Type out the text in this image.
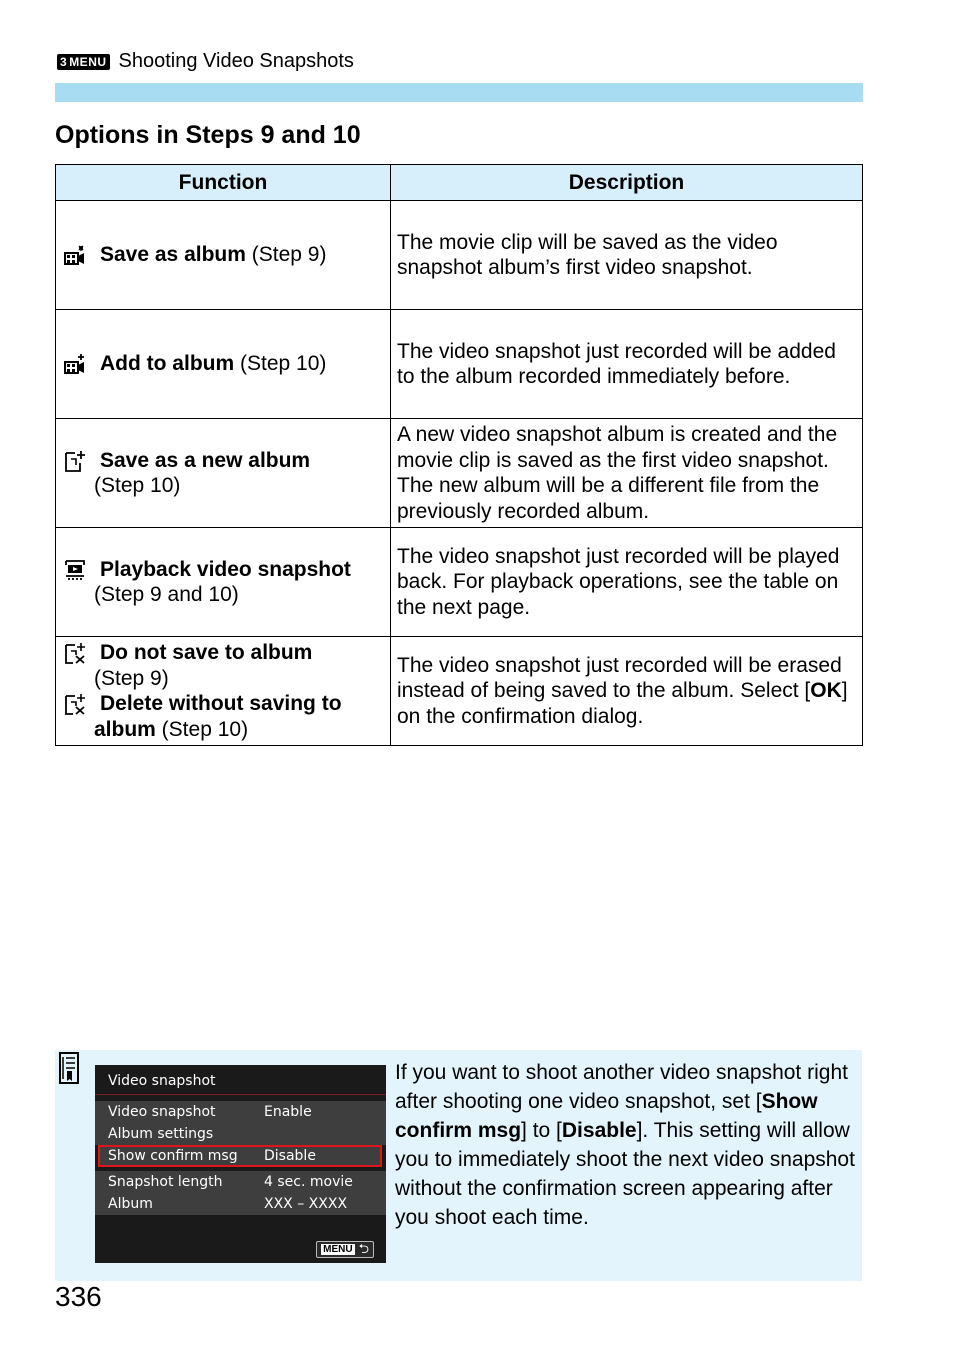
3 MENU Shooting Video Snapshots
Options in Steps 9 and 10
Function	Description

Save as album (Step 9)	The movie clip will be saved as the video snapshot album’s first video snapshot.

Add to album (Step 10)	The video snapshot just recorded will be added to the album recorded immediately before.

Save as a new album
(Step 10)	A new video snapshot album is created and the movie clip is saved as the first video snapshot. The new album will be a different file from the previously recorded album.

Playback video snapshot
(Step 9 and 10)	The video snapshot just recorded will be played back. For playback operations, see the table on the next page.

Do not save to album
(Step 9)
Delete without saving to
album (Step 10)	The video snapshot just recorded will be erased instead of being saved to the album. Select [OK] on the confirmation dialog.
Video snapshot
Video snapshot	Enable
Album settings
Show confirm msg Disable
Snapshot length	4 sec. movie
Album	XXX – XXXX
MENU ⮌
If you want to shoot another video snapshot right after shooting one video snapshot, set [Show confirm msg] to [Disable]. This setting will allow you to immediately shoot the next video snapshot without the confirmation screen appearing after you shoot each time.
336
